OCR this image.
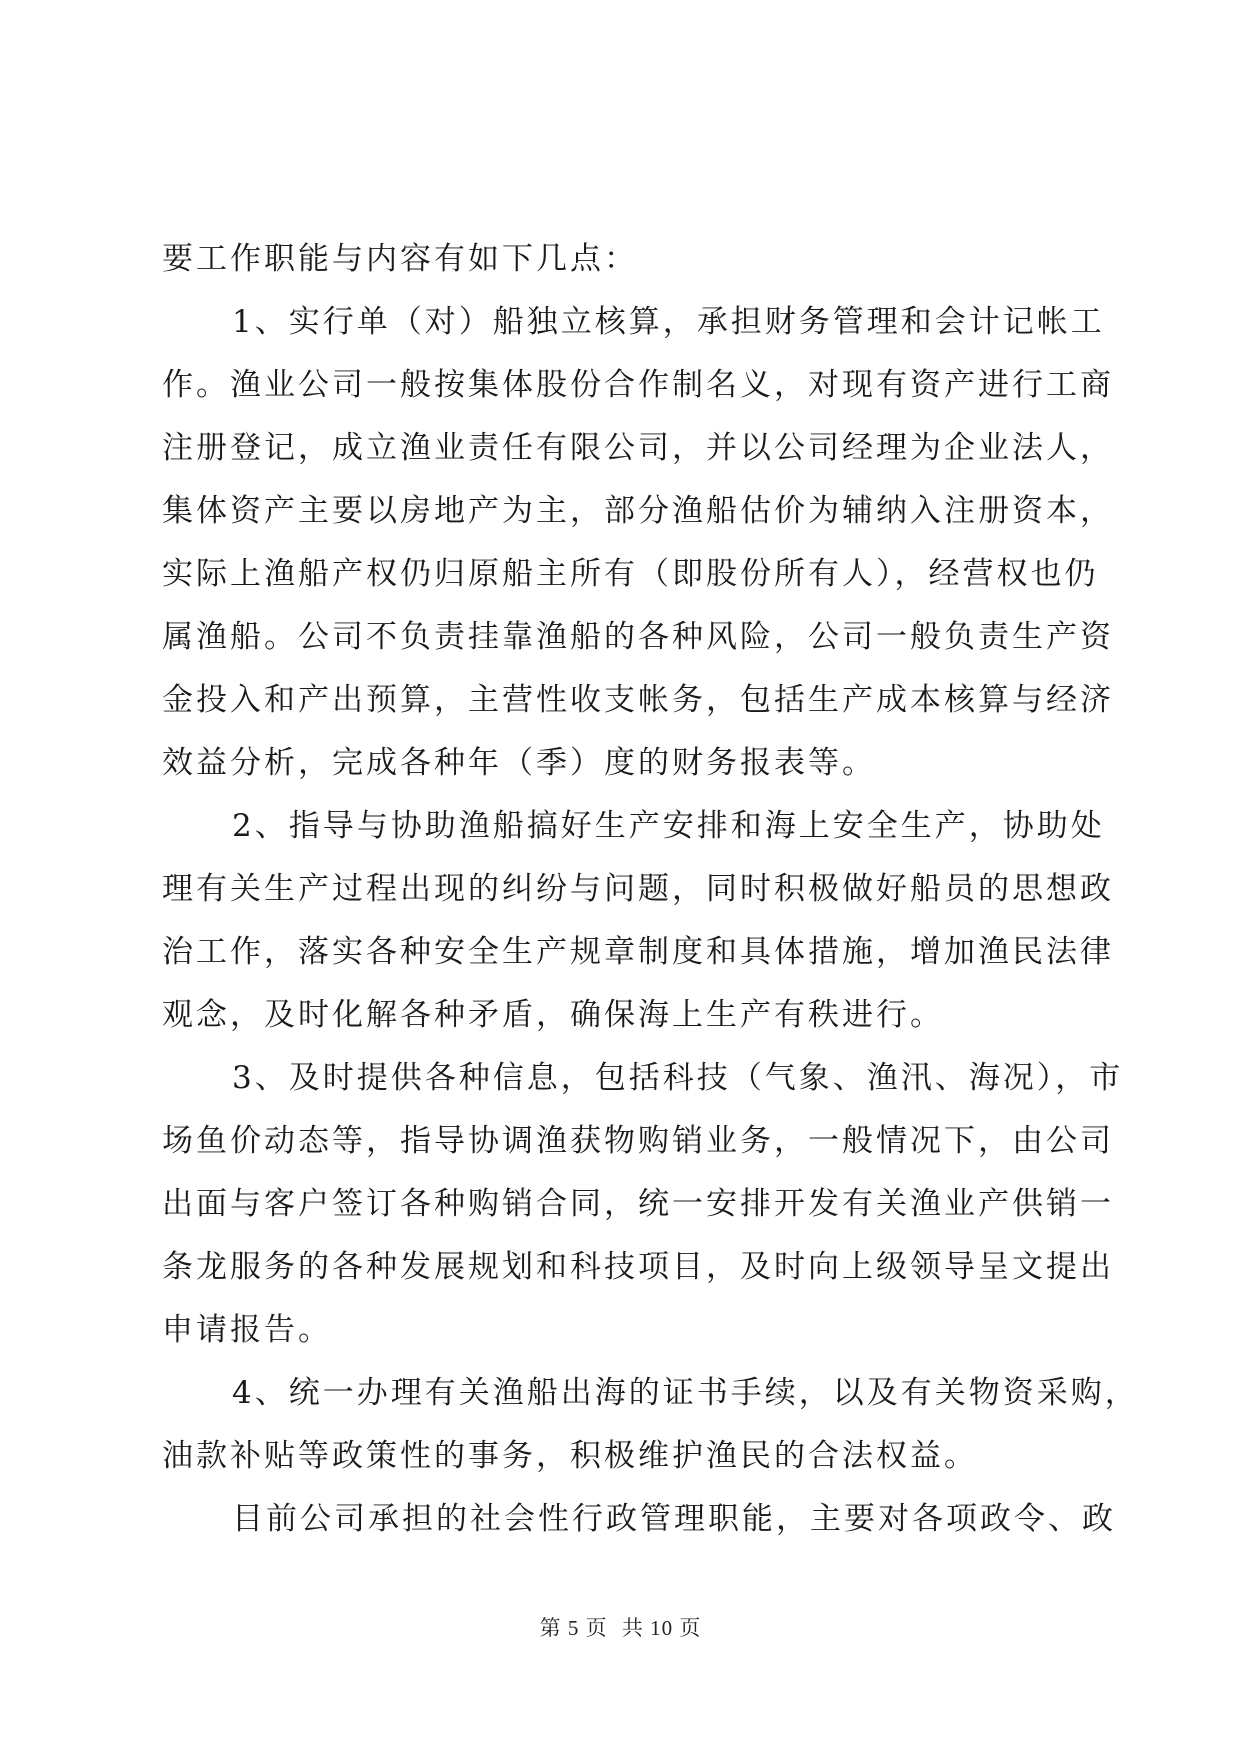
要工作职能与内容有如下几点：
1、实行单（对）船独立核算，承担财务管理和会计记帐工
作。渔业公司一般按集体股份合作制名义，对现有资产进行工商
注册登记，成立渔业责任有限公司，并以公司经理为企业法人，
集体资产主要以房地产为主，部分渔船估价为辅纳入注册资本，
实际上渔船产权仍归原船主所有（即股份所有人），经营权也仍
属渔船。公司不负责挂靠渔船的各种风险，公司一般负责生产资
金投入和产出预算，主营性收支帐务，包括生产成本核算与经济
效益分析，完成各种年（季）度的财务报表等。
2、指导与协助渔船搞好生产安排和海上安全生产，协助处
理有关生产过程出现的纠纷与问题，同时积极做好船员的思想政
治工作，落实各种安全生产规章制度和具体措施，增加渔民法律
观念，及时化解各种矛盾，确保海上生产有秩进行。
3、及时提供各种信息，包括科技（气象、渔汛、海况），市
场鱼价动态等，指导协调渔获物购销业务，一般情况下，由公司
出面与客户签订各种购销合同，统一安排开发有关渔业产供销一
条龙服务的各种发展规划和科技项目，及时向上级领导呈文提出
申请报告。
4、统一办理有关渔船出海的证书手续，以及有关物资采购，
油款补贴等政策性的事务，积极维护渔民的合法权益。
目前公司承担的社会性行政管理职能，主要对各项政令、政
第 5 页 共 10 页
